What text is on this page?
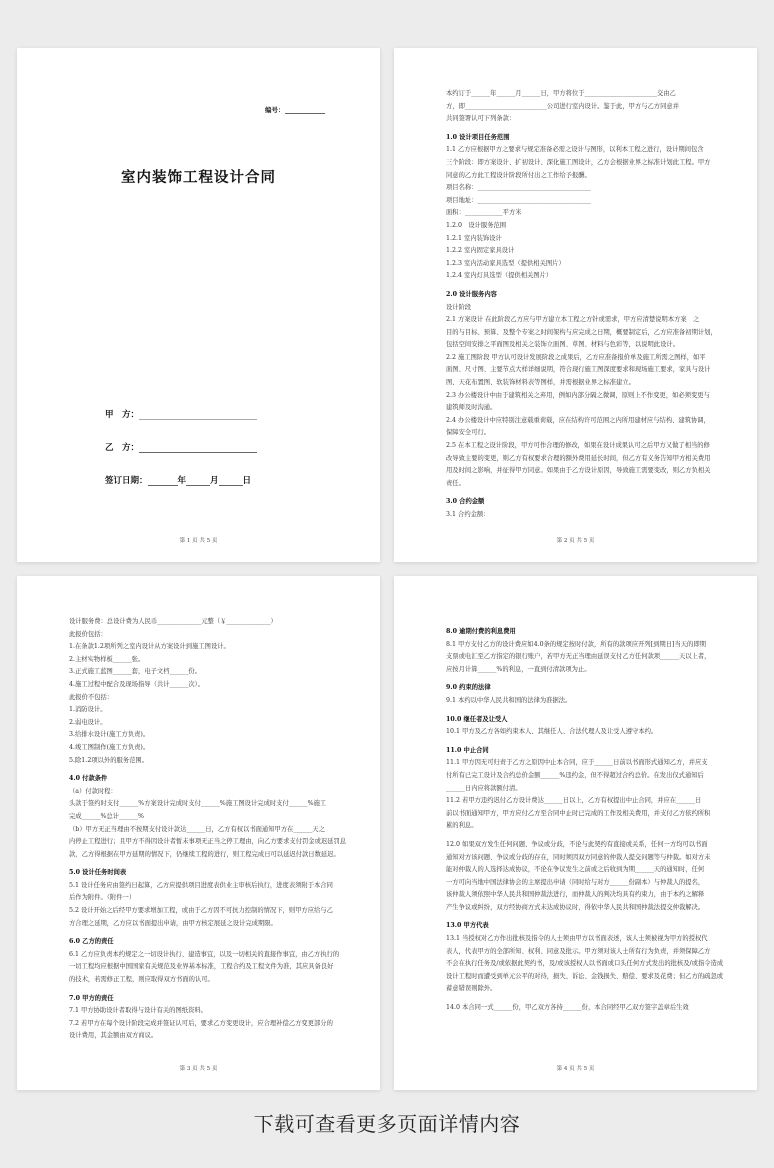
编号：
室内装饰工程设计合同
甲　方：
乙　方：
签订日期：	年	月	日
第 1 页 共 5 页
本约订于______年______月______日，甲方将位于_______________________交由乙
方，即__________________________公司进行室内设计。鉴于此，甲方与乙方同意并
共同签署认可下列条款：
1.0 设计项目任务范围
1.1 乙方应根据甲方之要求与规定准备必需之设计与图形，以利本工程之进行，设计期间包含
三个阶段：即方案设计、扩初设计、深化施工图设计，乙方会根据业界之标准计划此工程。甲方
同意的乙方此工程设计阶段所付出之工作给予报酬。
项目名称：____________________________________
项目地址：____________________________________
面积：____________平方米
1.2.0　设计服务范围
1.2.1 室内装饰设计
1.2.2 室内固定家具设计
1.2.3 室内活动家具选型（提供相关图片）
1.2.4 室内灯具选型（提供相关图片）
2.0 设计服务内容
设计阶段
2.1 方案设计 在此阶段乙方应与甲方建立本工程之方针或需求，甲方应清楚说明本方案　之
目的与目标、预算、及整个专案之时间架构与应完成之日期，概要制定后，乙方应准备初期计划，
包括空间安排之平面图及相关之装饰立面图、草图、材料与色彩等，以说明此设计。
2.2 施工图阶段 甲方认可设计发展阶段之成果后，乙方应准备报价单及施工所需之图样，如平
面图、尺寸图、主要节点大样详细说明，符合现行施工图深度要求和现场施工要求，家具与设计
图、天花布置图、软装饰材料表等图样，并需根据业界之标准建立。
2.3 办公楼设计中由于建筑相关之弃用，例如内部分隔之微调，原则上不作变更，如必须变更与
建筑师及时沟通。
2.4 办公楼设计中应特别注意载重荷载，应在结构许可范围之内所用建材应与结构、建筑协调，
保障安全可行。
2.5 在本工程之设计阶段，甲方可作合理的修改，如果在设计成果认可之后甲方又做了相当的修
改导致主要的变更，则乙方有权要求合理的额外费用延长时间，但乙方有义务告知甲方相关费用
用及时间之影响，并征得甲方同意。如果由于乙方设计原因，导致施工需要变改，则乙方负相关
责任。
3.0 合约金额
3.1 合约金额：
第 2 页 共 5 页
设计服务费：总设计费为人民币______________元整（￥______________）
此报价包括：
1.在条款1.2项所列之室内设计从方案设计到施工图设计。
2.主材实物样板______张。
3.正式施工蓝图______套，电子文档______份。
4.施工过程中配合及现场指导（共计______次）。
此报价不包括：
1.消防设计。
2.弱电设计。
3.给排水设计(施工方负责)。
4.竣工图制作(施工方负责)。
5.除1.2项以外的服务范围。
4.0 付款条件
（a）付款时程：
头款于签约时支付______%方案设计完成时支付______%施工图设计完成时支付______%施工
完成______%总计______%
（b）甲方无正当理由不按期支付设计款达______日，乙方有权以书面通知甲方在______天之
内停止工程进行；且甲方不得因设计者暂未事项无正当之停工理由，向乙方要求支付罚金或迟延罚息
款，乙方得根据在甲方延期的情况下，仍继续工程的进行，则工程完成日可以延迟付款日数延迟。
5.0 设计任务时间表
5.1 设计任务应由签约日起算，乙方应提供项目进度表供业主审核后执行，进度表须附于本合同
后作为附件。（附件一）
5.2 设计开始之后经甲方要求增加工程，或由于乙方因不可抗力控制的情况下，则甲方应给与乙
方合理之延期，乙方应以书面提出申请，由甲方核定展延之设计完成期限。
6.0 乙方的责任
6.1 乙方应负责本约规定之一切设计执行、建造事宜，以及一切相关的直接作事宜，由乙方执行的
一切工程均应根据中国国家有关规范及业界基本标准，工程合约及工程文件为准，其应具备良好
的技术，若需修正工程，则应取得双方书面的认可。
7.0 甲方的责任
7.1 甲方协助设计者取得与设计有关的图纸资料。
7.2 若甲方在每个设计阶段完成并签证认可后，要求乙方变更设计，应合理补偿乙方变更部分的
设计费用，其金额由双方商议。
第 3 页 共 5 页
8.0 逾期付费的利息费用
8.1 甲方支付乙方的设计费应如4.0条的规定按时付款，所有的款项应开列[到期日]当天的即期
支票或电汇至乙方指定的银行账户，若甲方无正当理由延误支付乙方任何款项______天以上者，
应按月计算______%的利息，一直到付清款项为止。
9.0 约束的法律
9.1 本约以中华人民共和国的法律为准据法。
10.0 继任者及让受人
10.1 甲方及乙方各如约束本人、其继任人、合法代理人及让受人遵守本约。
11.0 中止合同
11.1 甲方因无可归责于乙方之原因中止本合同，应于______日前以书面形式通知乙方，并应支
付所有已完工设计及合约总价金额______%违约金，但不得超过合约总价。在发出仅式通知后
______日内应将款额付清。
11.2 若甲方违约迟付乙方设计费达______日以上，乙方有权提出中止合同，并应在______日
前以书面通知甲方，甲方应付乙方至合同中止时已完成的工作及相关费用，并支付乙方依约所积
累的利息。
12.0 如果双方发生任何问题、争议或分歧，不论与此契约有直接或关系，任何一方均可以书面
通知对方该问题、争议或分歧的存在，同时须因双方同意的仲裁人提交问题等与仲裁。如对方未
能对仲裁人的人选择达成协议，不论在争议发生之前或之后收到为期______天的通知时，任何
一方可向当地中国法律协会的主席提出申请（同时给与对方______份副本）与仲裁人的提名，
该仲裁人须依照中华人民共和国仲裁法进行，而仲裁人的判决均具有约束力，由于本约之解释
产生争议或纠纷，双方经协商方式未达成协议时，得依中华人民共和国仲裁法提交仲裁解决。
13.0 甲方代表
13.1 当授权对乙方作出批核及指令的人士须由甲方以书面表述，该人士须被视为甲方的授权代
表人，代表甲方的全部所知、权利、同意及批示。甲方须对该人士所有行为负责，并须保障乙方
不会在执行任务及/或依据此契约书，及/或该授权人以书面或口头任何方式发出的批核及/或指令造成
设计工程时而遭受到单元公平的对待，损失、诉讼、金钱损失、赔偿、要求及花费；但乙方的疏忽或
蓄意错误则除外。
14.0 本合同一式______份，甲乙双方各持______份，本合同经甲乙双方签字盖章后生效
第 4 页 共 5 页
下载可查看更多页面详情内容
